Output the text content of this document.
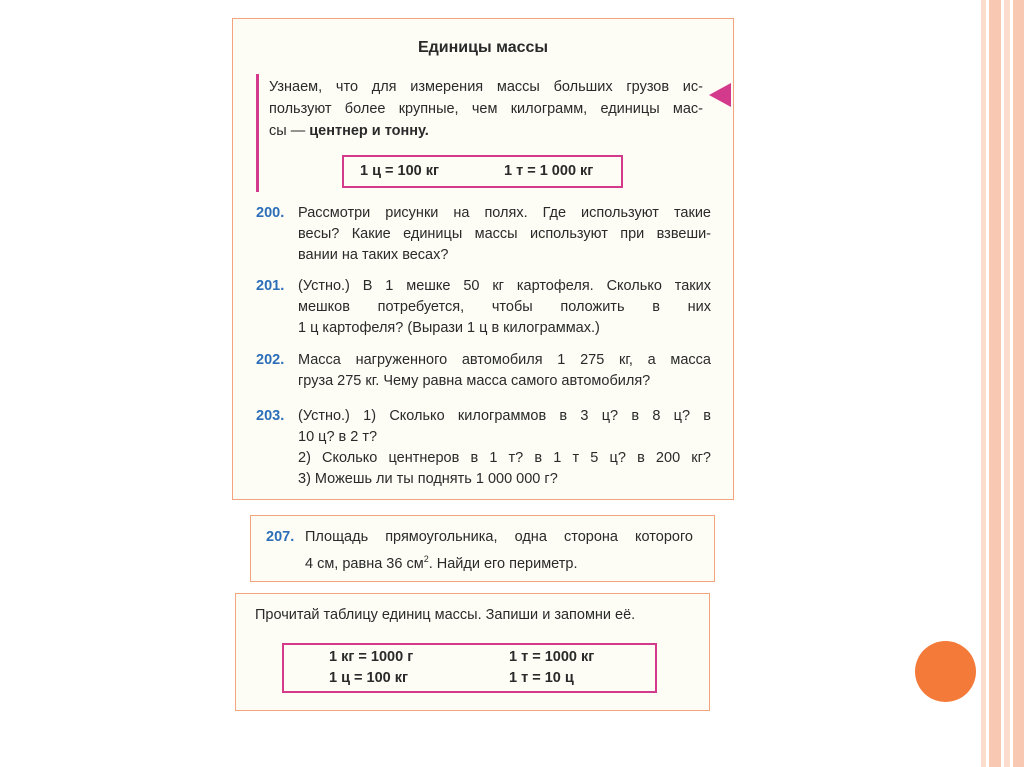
Единицы массы
Узнаем, что для измерения массы больших грузов ис-
пользуют более крупные, чем килограмм, единицы мас-
сы — центнер и тонну.
1 ц = 100 кг	1 т = 1 000 кг
200. Рассмотри рисунки на полях. Где используют такие
весы? Какие единицы массы используют при взвеши-
вании на таких весах?
201. (Устно.) В 1 мешке 50 кг картофеля. Сколько таких
мешков потребуется, чтобы положить в них
1 ц картофеля? (Вырази 1 ц в килограммах.)
202. Масса нагруженного автомобиля 1 275 кг, а масса
груза 275 кг. Чему равна масса самого автомобиля?
203. (Устно.) 1) Сколько килограммов в 3 ц? в 8 ц? в
10 ц? в 2 т?
2) Сколько центнеров в 1 т? в 1 т 5 ц? в 200 кг?
3) Можешь ли ты поднять 1 000 000 г?
207. Площадь прямоугольника, одна сторона которого
4 см, равна 36 $см^2$. Найди его периметр.
Прочитай таблицу единиц массы. Запиши и запомни её.
1 кг = 1000 г	1 т = 1000 кг
1 ц = 100 кг	1 т = 10 ц
